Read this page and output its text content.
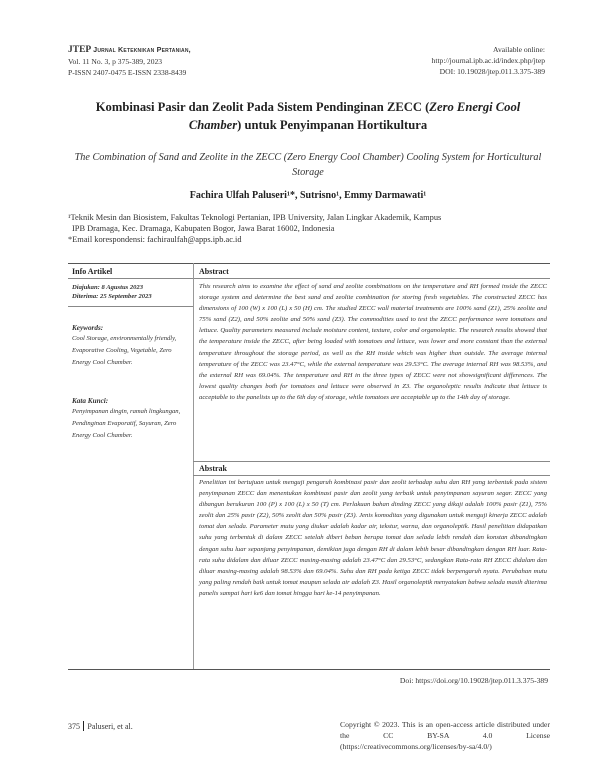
JTEP Jurnal Keteknikan Pertanian,
Vol. 11 No. 3, p 375-389, 2023
P-ISSN 2407-0475 E-ISSN 2338-8439
Available online:
http://journal.ipb.ac.id/index.php/jtep
DOI: 10.19028/jtep.011.3.375-389
Kombinasi Pasir dan Zeolit Pada Sistem Pendinginan ZECC (Zero Energi Cool Chamber) untuk Penyimpanan Hortikultura
The Combination of Sand and Zeolite in the ZECC (Zero Energy Cool Chamber) Cooling System for Horticultural Storage
Fachira Ulfah Paluseri¹*, Sutrisno¹, Emmy Darmawati¹
¹Teknik Mesin dan Biosistem, Fakultas Teknologi Pertanian, IPB University, Jalan Lingkar Akademik, Kampus
IPB Dramaga, Kec. Dramaga, Kabupaten Bogor, Jawa Barat 16002, Indonesia
*Email korespondensi: fachiraulfah@apps.ipb.ac.id
Info Artikel
Diajukan: 8 Agustus 2023
Diterima: 25 September 2023
Keywords:
Cool Storage, environmentally friendly, Evaporative Cooling, Vegetable, Zero Energy Cool Chamber.
Kata Kunci:
Penyimpanan dingin, ramah lingkungan, Pendinginan Evaporatif, Sayuran, Zero Energy Cool Chamber.
Abstract
This research aims to examine the effect of sand and zeolite combinations on the temperature and RH formed inside the ZECC storage system and determine the best sand and zeolite combination for storing fresh vegetables. The constructed ZECC has dimensions of 100 (W) x 100 (L) x 50 (H) cm. The studied ZECC wall material treatments are 100% sand (Z1), 25% zeolite and 75% sand (Z2), and 50% zeolite and 50% sand (Z3). The commodities used to test the ZECC performance were tomatoes and lettuce. Quality parameters measured include moisture content, texture, color and organoleptic. The research results showed that the temperature inside the ZECC, after being loaded with tomatoes and lettuce, was lower and more constant than the external temperature throughout the storage period, as well as the RH inside which was higher than outside. The average internal temperature of the ZECC was 23.47°C, while the external temperature was 29.53°C. The average internal RH was 98.53%, and the external RH was 69.04%. The temperature and RH in the three types of ZECC were not showsignificant differences. The lowest quality changes both for tomatoes and lettuce were observed in Z3. The organoleptic results indicate that lettuce is acceptable to the panelists up to the 6th day of storage, while tomatoes are acceptable up to the 14th day of storage.
Abstrak
Penelitian ini bertujuan untuk menguji pengaruh kombinasi pasir dan zeolit terhadap suhu dan RH yang terbentuk pada sistem penyimpanan ZECC dan menentukan kombinasi pasir dan zeolit yang terbaik untuk penyimpanan sayuran segar. ZECC yang dibangun berukuran 100 (P) x 100 (L) x 50 (T) cm. Perlakuan bahan dinding ZECC yang dikaji adalah 100% pasir (Z1), 75% zeolit dan 25% pasir (Z2), 50% zeolit dan 50% pasir (Z3). Jenis komoditas yang digunakan untuk menguji kinerja ZECC adalah tomat dan selada. Parameter mutu yang diukur adalah kadar air, tekstur, warna, dan organoleptik. Hasil penelitian didapatkan suhu yang terbentuk di dalam ZECC setelah diberi beban berupa tomat dan selada lebih rendah dan konstan dibandingkan dengan suhu luar sepanjang penyimpanan, demikian juga dengan RH di dalam lebih besar dibandingkan dengan RH luar. Rata-rata suhu didalam dan diluar ZECC masing-masing adalah 23.47°C dan 29.53°C, sedangkan Rata-rata RH ZECC didalam dan diluar masing-masing adalah 98.53% dan 69.04%. Suhu dan RH pada ketiga ZECC tidak berpengaruh nyata. Perubahan mutu yang paling rendah baik untuk tomat maupun selada air adalah Z3. Hasil organoleptik menyatakan bahwa selada masih diterima panelis sampai hari ke6 dan tomat hingga hari ke-14 penyimpanan.
Doi: https://doi.org/10.19028/jtep.011.3.375-389
375 Paluseri, et al.	Copyright © 2023. This is an open-access article distributed under the CC BY-SA 4.0 License (https://creativecommons.org/licenses/by-sa/4.0/)
